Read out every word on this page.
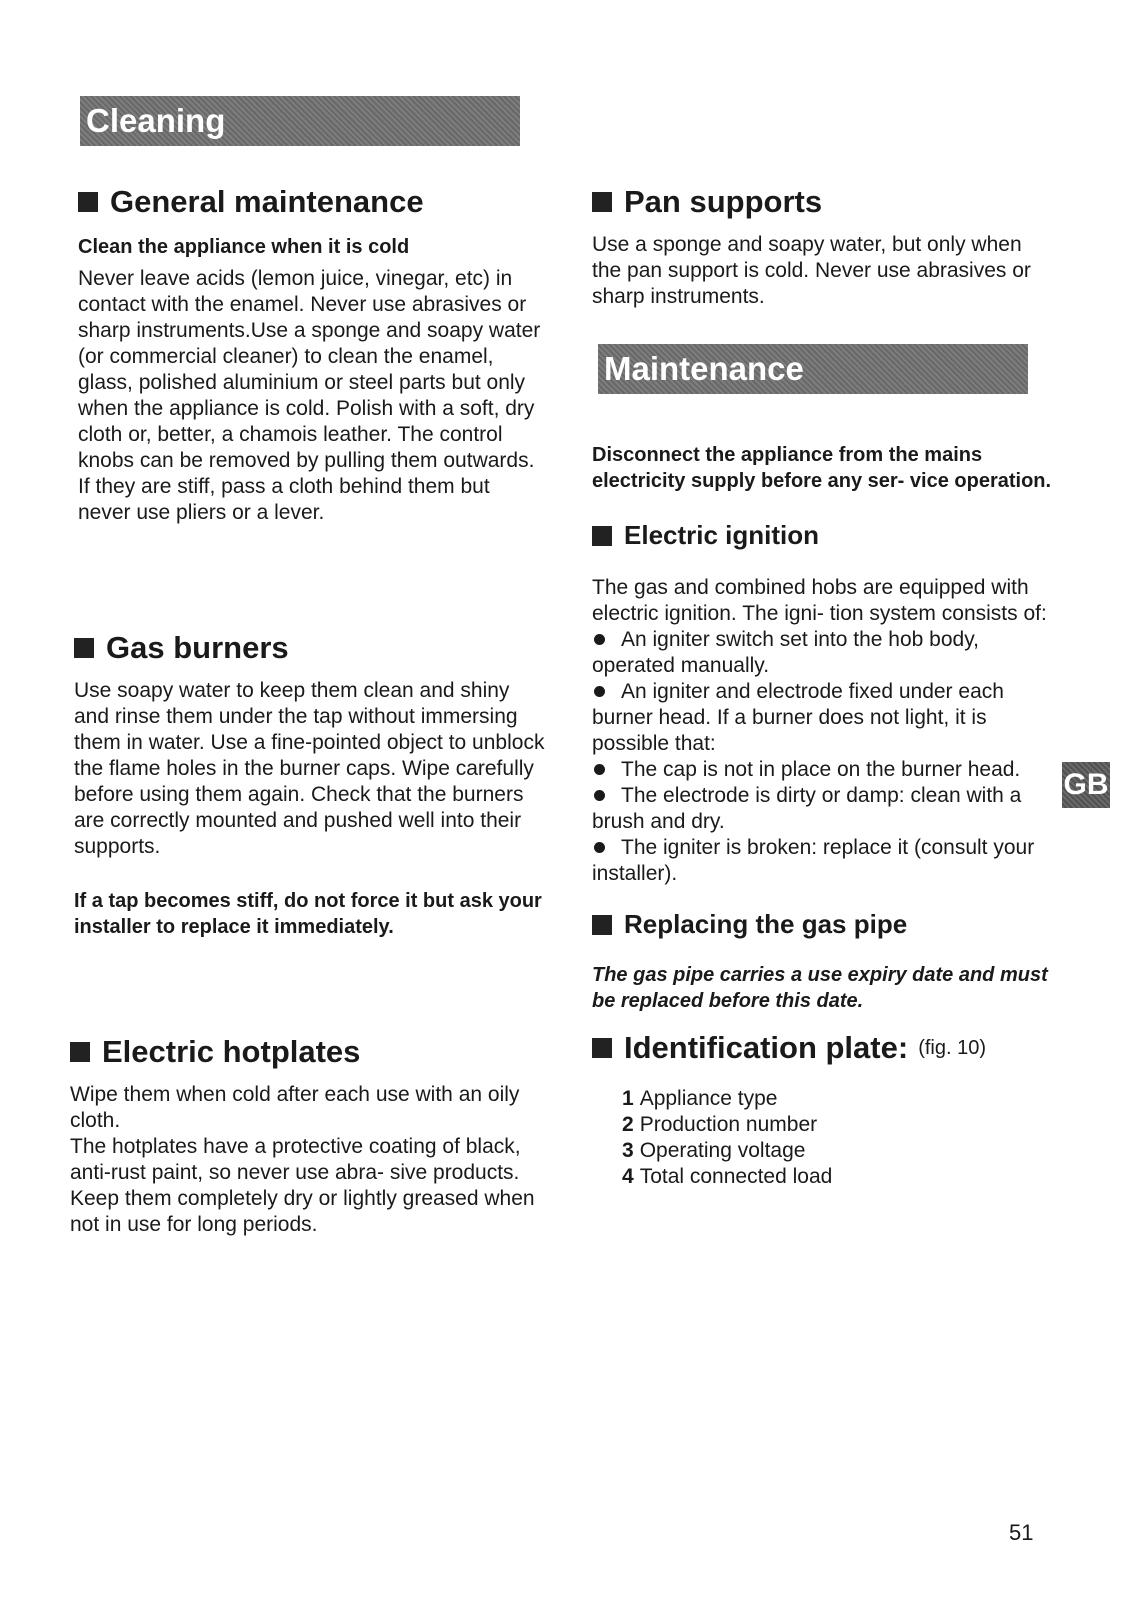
Cleaning
General maintenance

Clean the appliance when it is cold

Never leave acids (lemon juice, vinegar, etc) in contact with the enamel. Never use abrasives or sharp instruments.Use a sponge and soapy water (or commercial cleaner) to clean the enamel, glass, polished aluminium or steel parts but only when the appliance is cold. Polish with a soft, dry cloth or, better, a chamois leather. The control knobs can be removed by pulling them outwards.

If they are stiff, pass a cloth behind them but never use pliers or a lever.

Gas burners

Use soapy water to keep them clean and shiny and rinse them under the tap without immersing them in water. Use a fine-pointed object to unblock the flame holes in the burner caps. Wipe carefully before using them again. Check that the burners are correctly mounted and pushed well into their supports.

If a tap becomes stiff, do not force it but ask your installer to replace it immediately.

Electric hotplates

Wipe them when cold after each use with an oily cloth.

The hotplates have a protective coating of black, anti-rust paint, so never use abra- sive products.

Keep them completely dry or lightly greased when not in use for long periods.

Pan supports

Use a sponge and soapy water, but only when the pan support is cold. Never use abrasives or sharp instruments.

Maintenance

Disconnect the appliance from the mains electricity supply before any ser- vice operation.

Electric ignition

The gas and combined hobs are equipped with electric ignition. The igni- tion system consists of:

An igniter switch set into the hob body, operated manually.

An igniter and electrode fixed under each burner head. If a burner does not light, it is possible that:

The cap is not in place on the burner head.

The electrode is dirty or damp: clean with a brush and dry.

The igniter is broken: replace it (consult your installer).

Replacing the gas pipe

The gas pipe carries a use expiry date and must be replaced before this date.

Identification plate: (fig. 10)
1 Appliance type
2 Production number
3 Operating voltage
4 Total connected load
GB
51
